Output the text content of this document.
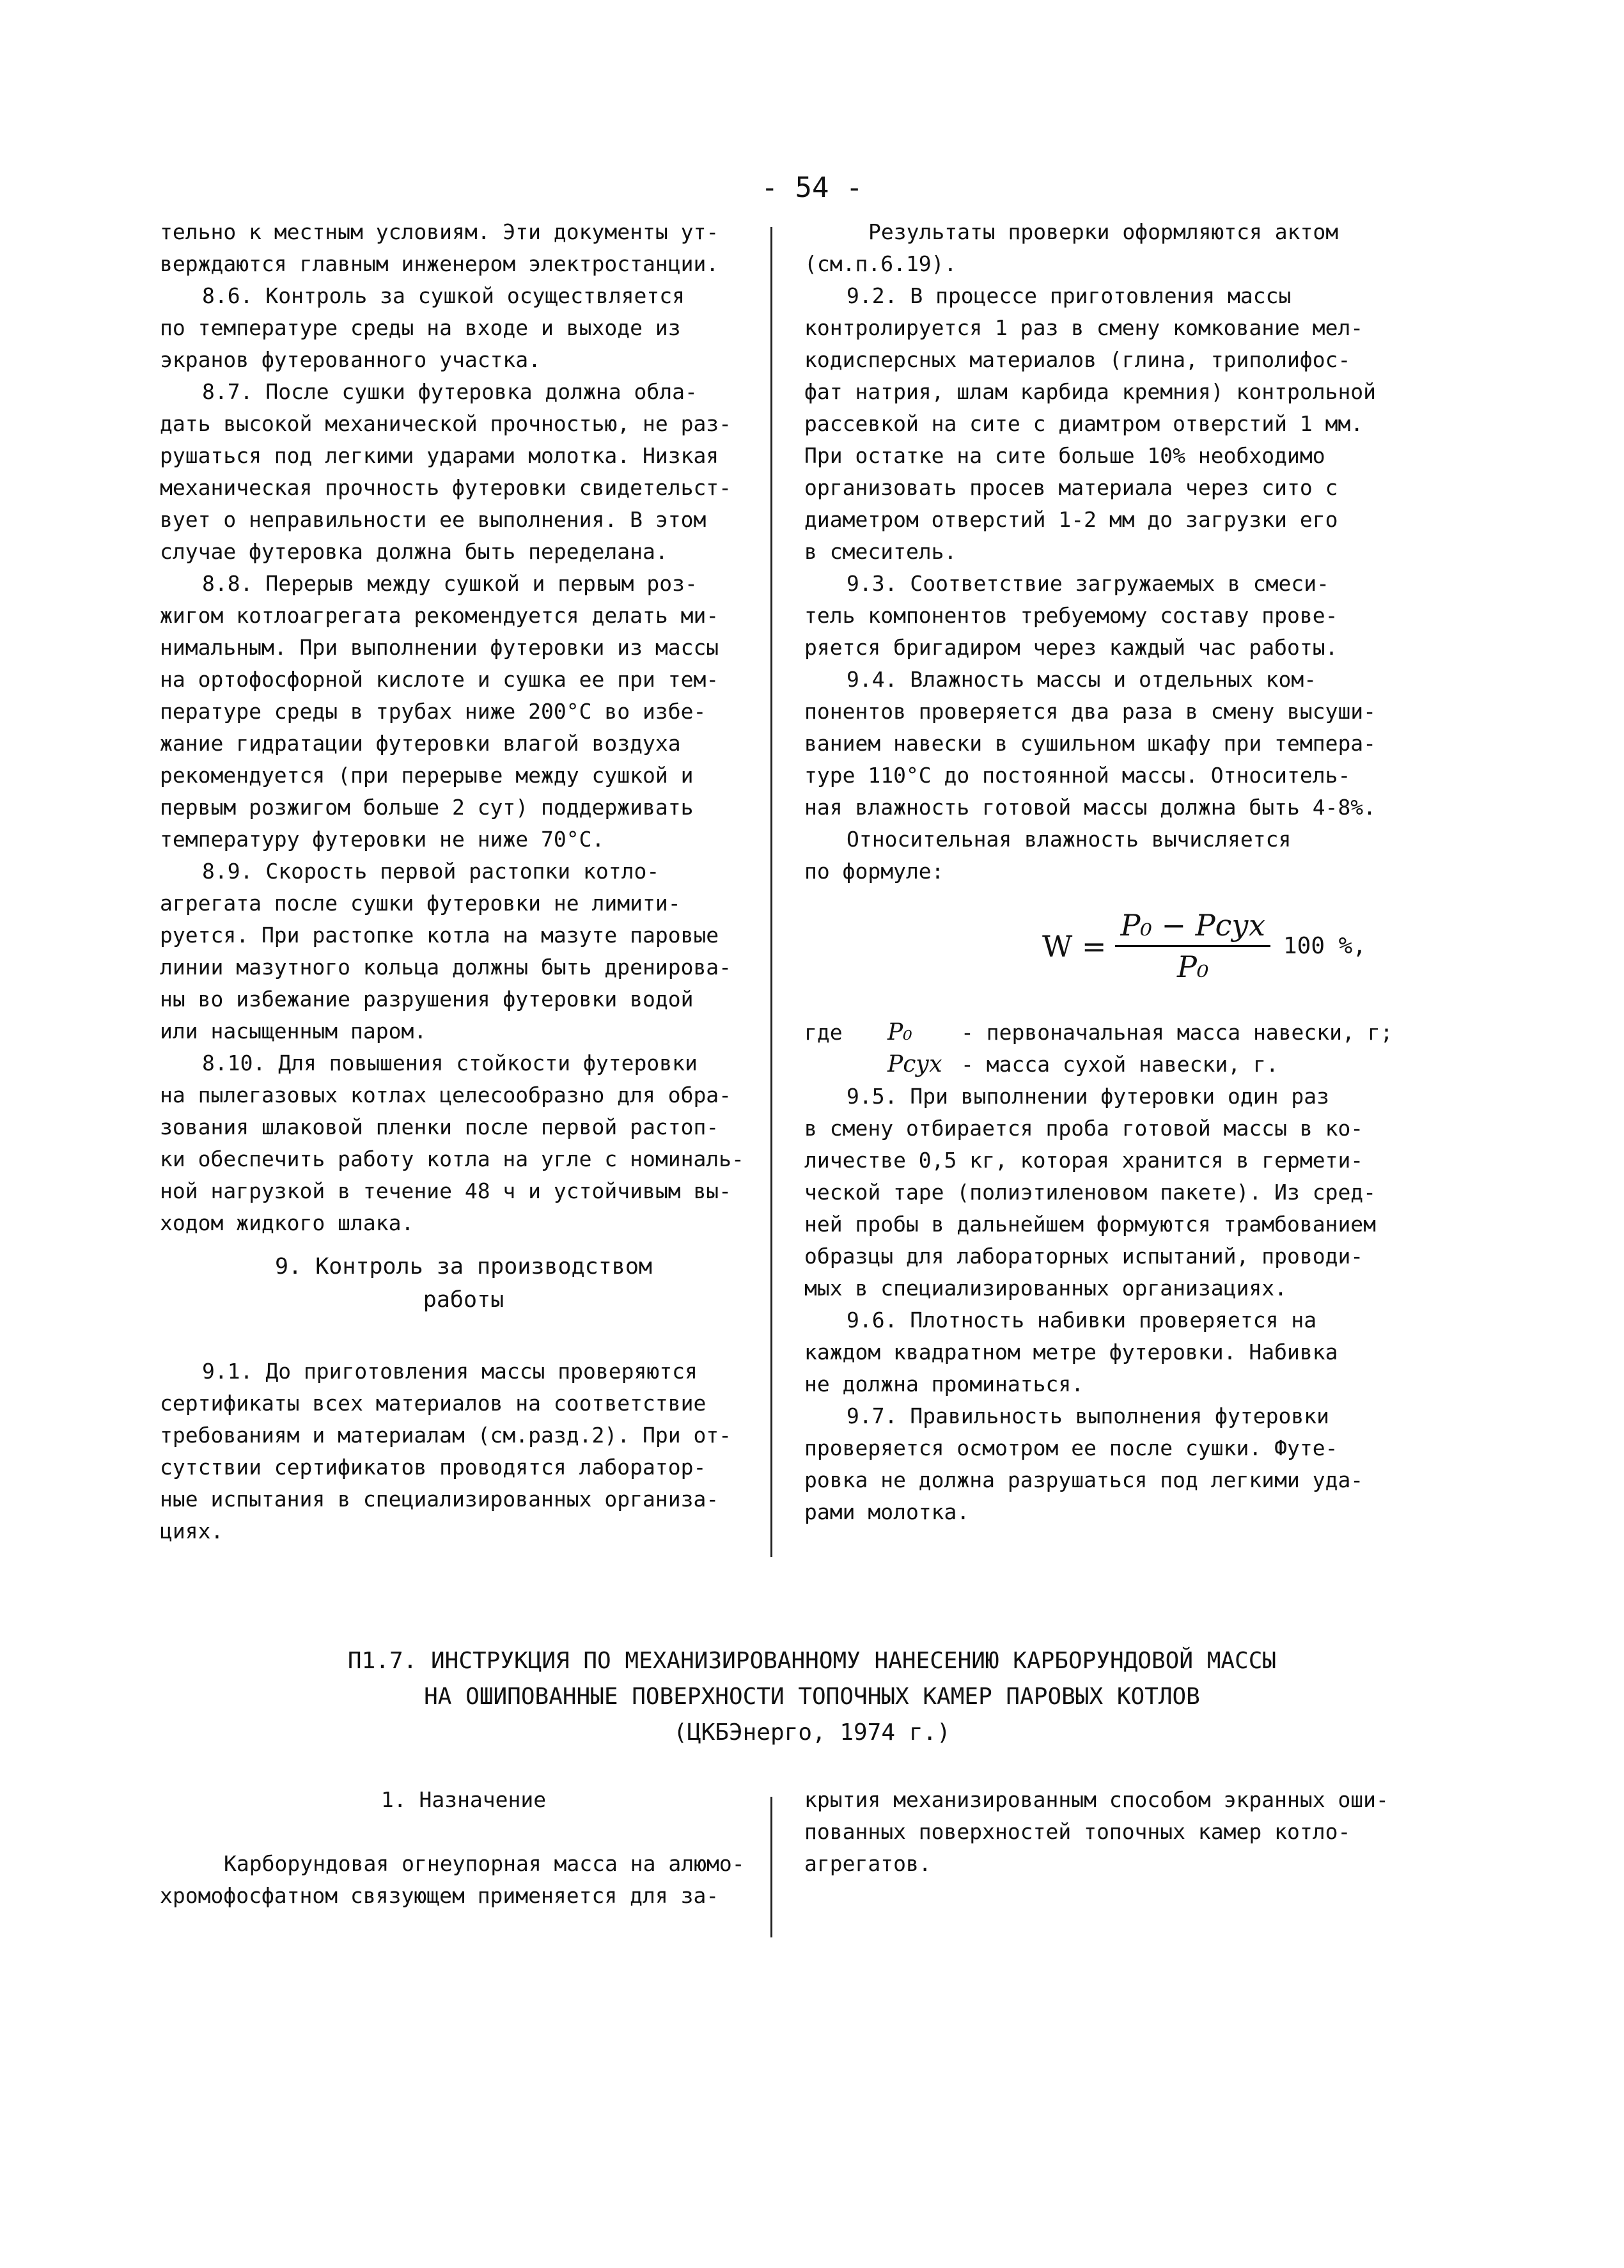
- 54 -

тельно к местным условиям. Эти документы ут-

верждаются главным инженером электростанции.

8.6. Контроль за сушкой осуществляется

по температуре среды на входе и выходе из

экранов футерованного участка.

8.7. После сушки футеровка должна обла-

дать высокой механической прочностью, не раз-

рушаться под легкими ударами молотка. Низкая

механическая прочность футеровки свидетельст-

вует о неправильности ее выполнения. В этом

случае футеровка должна быть переделана.

8.8. Перерыв между сушкой и первым роз-

жигом котлоагрегата рекомендуется делать ми-

нимальным. При выполнении футеровки из массы

на ортофосфорной кислоте и сушка ее при тем-

пературе среды в трубах ниже 200°С во избе-

жание гидратации футеровки влагой воздуха

рекомендуется (при перерыве между сушкой и

первым розжигом больше 2 сут) поддерживать

температуру футеровки не ниже 70°С.

8.9. Скорость первой растопки котло-

агрегата после сушки футеровки не лимити-

руется. При растопке котла на мазуте паровые

линии мазутного кольца должны быть дренирова-

ны во избежание разрушения футеровки водой

или насыщенным паром.

8.10. Для повышения стойкости футеровки

на пылегазовых котлах целесообразно для обра-

зования шлаковой пленки после первой растоп-

ки обеспечить работу котла на угле с номиналь-

ной нагрузкой в течение 48 ч и устойчивым вы-

ходом жидкого шлака.

9. Контроль за производством
работы

9.1. До приготовления массы проверяются

сертификаты всех материалов на соответствие

требованиям и материалам (см.разд.2). При от-

сутствии сертификатов проводятся лаборатор-

ные испытания в специализированных организа-

циях.

Результаты проверки оформляются актом

(см.п.6.19).

9.2. В процессе приготовления массы

контролируется 1 раз в смену комкование мел-

кодисперсных материалов (глина, триполифос-

фат натрия, шлам карбида кремния) контрольной

рассевкой на сите с диамтром отверстий 1 мм.

При остатке на сите больше 10% необходимо

организовать просев материала через сито с

диаметром отверстий 1-2 мм до загрузки его

в смеситель.

9.3. Соответствие загружаемых в смеси-

тель компонентов требуемому составу прове-

ряется бригадиром через каждый час работы.

9.4. Влажность массы и отдельных ком-

понентов проверяется два раза в смену высуши-

ванием навески в сушильном шкафу при темпера-

туре 110°С до постоянной массы. Относитель-

ная влажность готовой массы должна быть 4-8%.

Относительная влажность вычисляется

по формуле:

$W = \frac{\text{P₀ − Pсух}}{\text{P₀}} 100$ %,
где	P₀	- первоначальная масса навески, г;
Pсух - масса сухой навески, г.

9.5. При выполнении футеровки один раз

в смену отбирается проба готовой массы в ко-

личестве 0,5 кг, которая хранится в гермети-

ческой таре (полиэтиленовом пакете). Из сред-

ней пробы в дальнейшем формуются трамбованием

образцы для лабораторных испытаний, проводи-

мых в специализированных организациях.

9.6. Плотность набивки проверяется на

каждом квадратном метре футеровки. Набивка

не должна проминаться.

9.7. Правильность выполнения футеровки

проверяется осмотром ее после сушки. Футе-

ровка не должна разрушаться под легкими уда-

рами молотка.

П1.7. ИНСТРУКЦИЯ ПО МЕХАНИЗИРОВАННОМУ НАНЕСЕНИЮ КАРБОРУНДОВОЙ МАССЫ

НА ОШИПОВАННЫЕ ПОВЕРХНОСТИ ТОПОЧНЫХ КАМЕР ПАРОВЫХ КОТЛОВ

(ЦКБЭнерго, 1974 г.)

1. Назначение

Карборундовая огнеупорная масса на алюмо-

хромофосфатном связующем применяется для за-

крытия механизированным способом экранных оши-

пованных поверхностей топочных камер котло-

агрегатов.
